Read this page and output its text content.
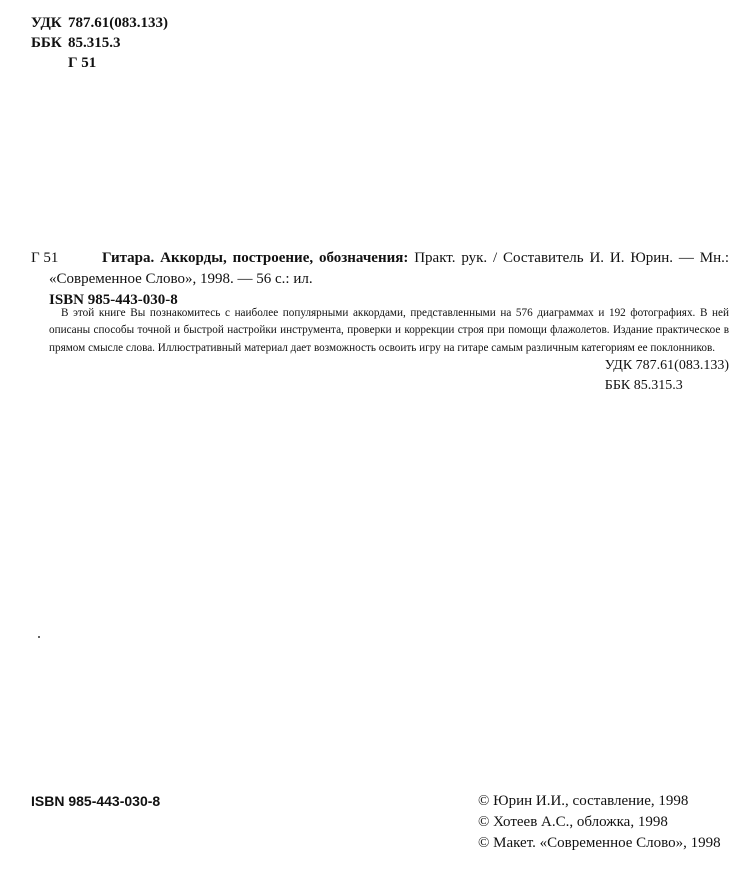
УДК 787.61(083.133)
ББК 85.315.3
Г 51
Г 51	Гитара. Аккорды, построение, обозначения: Практ. рук. / Составитель И. И. Юрин. — Мн.:
«Современное Слово», 1998. — 56 с.: ил.
ISBN 985-443-030-8
В этой книге Вы познакомитесь с наиболее популярными аккордами, представленными на 576 диаграммах и 192 фотографиях. В ней описаны способы точной и быстрой настройки инструмента, проверки и коррекции строя при помощи флажолетов. Издание практическое в прямом смысле слова. Иллюстративный материал дает возможность освоить игру на гитаре самым различным категориям ее поклонников.
УДК 787.61(083.133)
ББК 85.315.3
ISBN 985-443-030-8	© Юрин И.И., составление, 1998
© Хотеев А.С., обложка, 1998
© Макет. «Современное Слово», 1998
